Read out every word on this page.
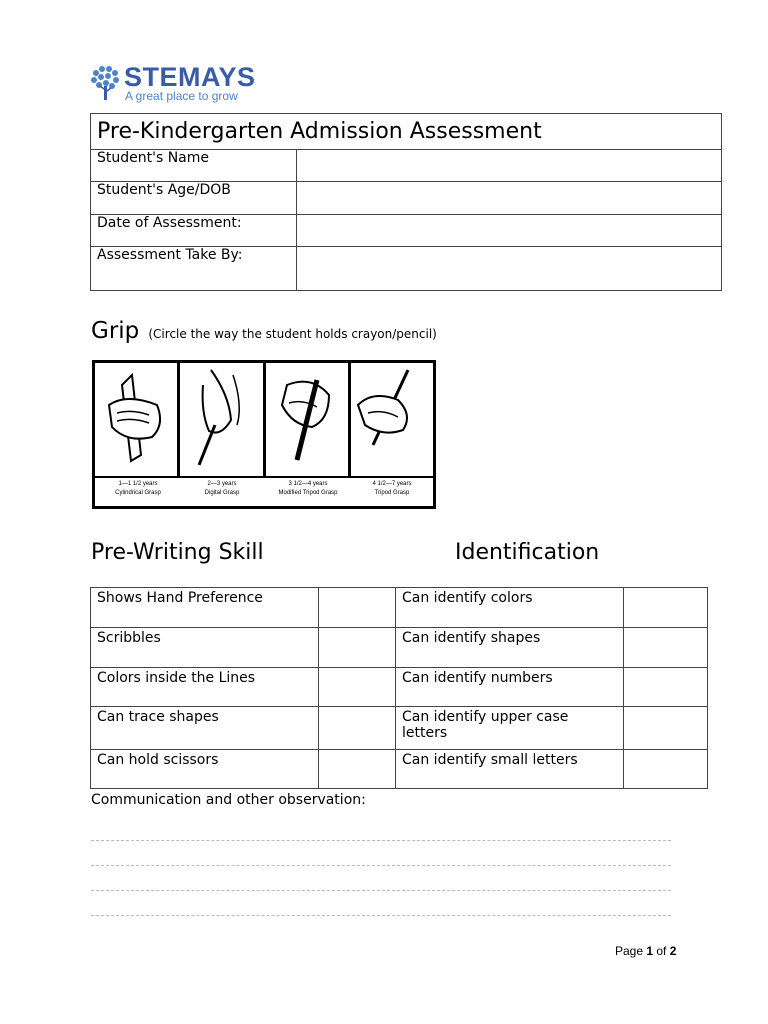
STEMAYS
A great place to grow
Pre-Kindergarten Admission Assessment	
Student's Name	
Student's Age/DOB	
Date of Assessment:	
Assessment Take By:	
Grip (Circle the way the student holds crayon/pencil)
1—1 1/2 years
Cylindrical Grasp
2—3 years
Digital Grasp
3 1/2—4 years
Modified Tripod Grasp
4 1/2—7 years
Tripod Grasp
Pre-Writing Skill	Identification
Shows Hand Preference		Can identify colors	
Scribbles		Can identify shapes	
Colors inside the Lines		Can identify numbers	
Can trace shapes		Can identify upper case letters	
Can hold scissors		Can identify small letters	
Communication and other observation:
Page 1 of 2
